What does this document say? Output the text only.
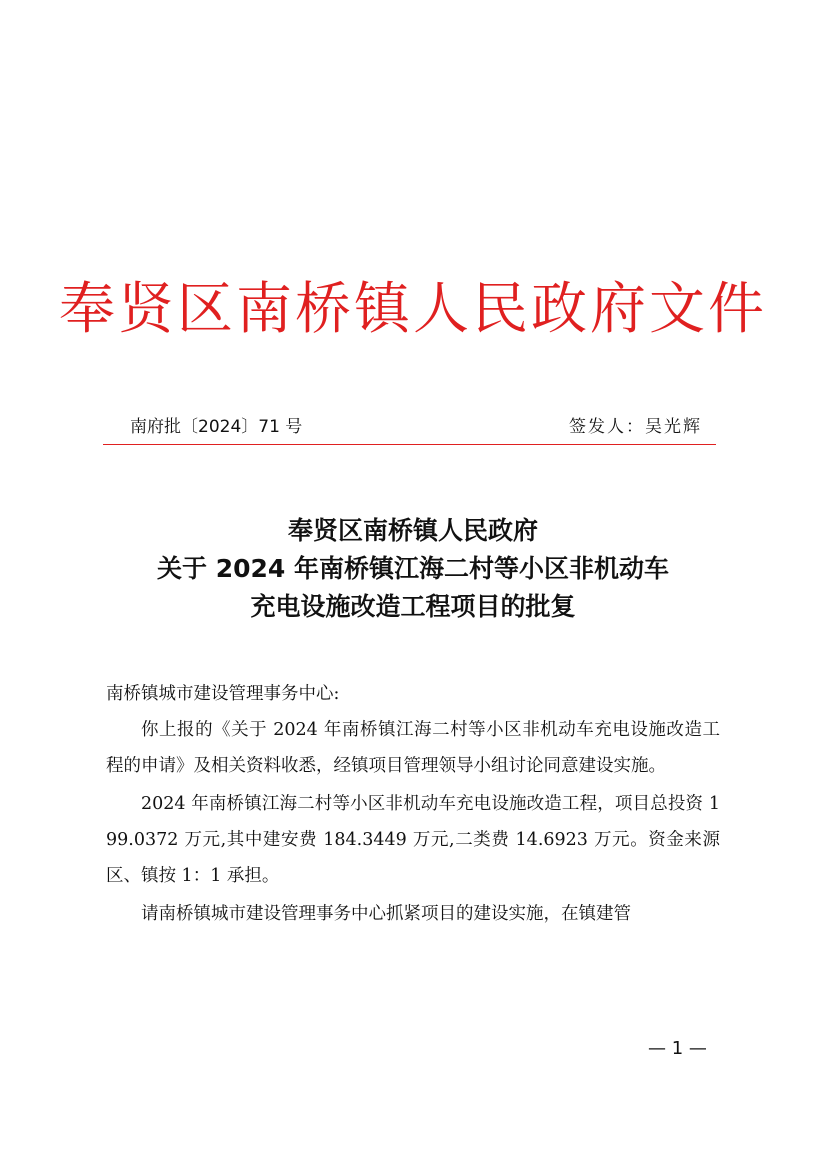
奉贤区南桥镇人民政府文件
南府批〔2024〕71 号	签发人：吴光辉
奉贤区南桥镇人民政府
关于 2024 年南桥镇江海二村等小区非机动车
充电设施改造工程项目的批复
南桥镇城市建设管理事务中心:

你上报的《关于 2024 年南桥镇江海二村等小区非机动车充电设施改造工程的申请》及相关资料收悉，经镇项目管理领导小组讨论同意建设实施。

2024 年南桥镇江海二村等小区非机动车充电设施改造工程，项目总投资 199.0372 万元,其中建安费 184.3449 万元,二类费 14.6923 万元。资金来源区、镇按 1：1 承担。

请南桥镇城市建设管理事务中心抓紧项目的建设实施，在镇建管

— 1 —
